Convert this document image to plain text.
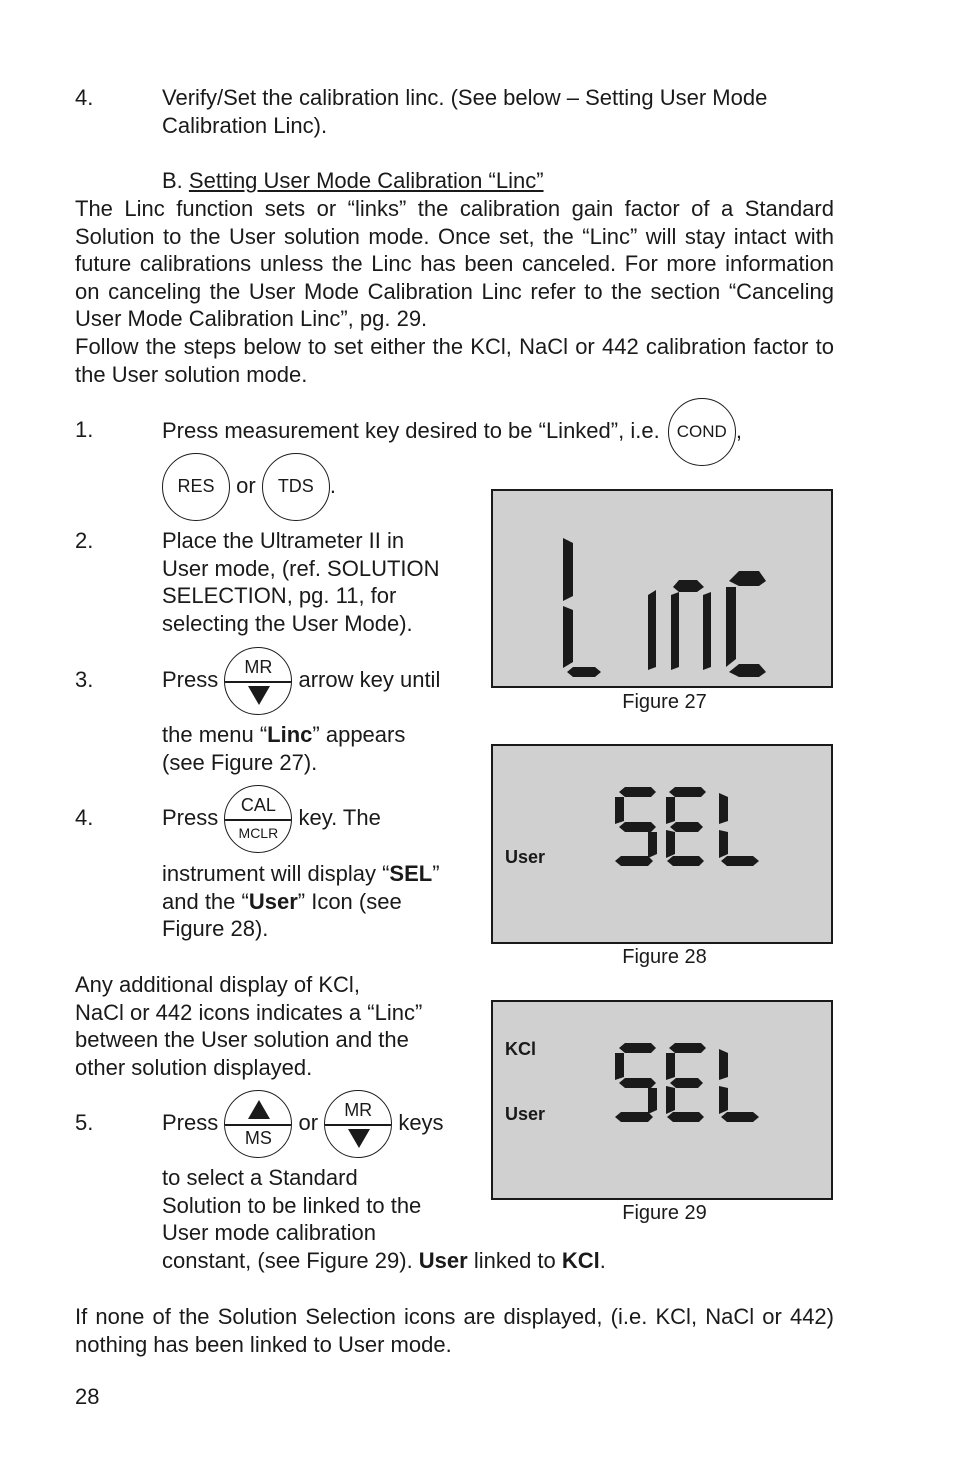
4.	Verify/Set the calibration linc. (See below – Setting User Mode Calibration Linc).
B. Setting User Mode Calibration “Linc”
The Linc function sets or “links” the calibration gain factor of a Standard Solution to the User solution mode. Once set, the “Linc” will stay intact with future calibrations unless the Linc has been canceled. For more information on canceling the User Mode Calibration Linc refer to the section “Canceling User Mode Calibration Linc”, pg. 29.
Follow the steps below to set either the KCl, NaCl or 442 calibration factor to the User solution mode.
1.	Press measurement key desired to be “Linked”, i.e. COND ,
RES or TDS .
2.	Place the Ultrameter II in
User mode, (ref. SOLUTION
SELECTION, pg. 11, for
selecting the User Mode).
3.	Press	MR	arrow key until
the menu “Linc” appears
(see Figure 27).
4.	Press	CAL
MCLR
key. The
instrument will display “SEL”
and the “User” Icon (see
Figure 28).
Any additional display of KCl,
NaCl or 442 icons indicates a “Linc”
between the User solution and the
other solution displayed.
5.	Press
MS
or	MR	keys
to select a Standard
Solution to be linked to the
User mode calibration
constant, (see Figure 29). User linked to KCl.
If none of the Solution Selection icons are displayed, (i.e. KCl, NaCl or 442) nothing has been linked to User mode.
28
Figure 27
User
Figure 28
KCl
User
Figure 29
